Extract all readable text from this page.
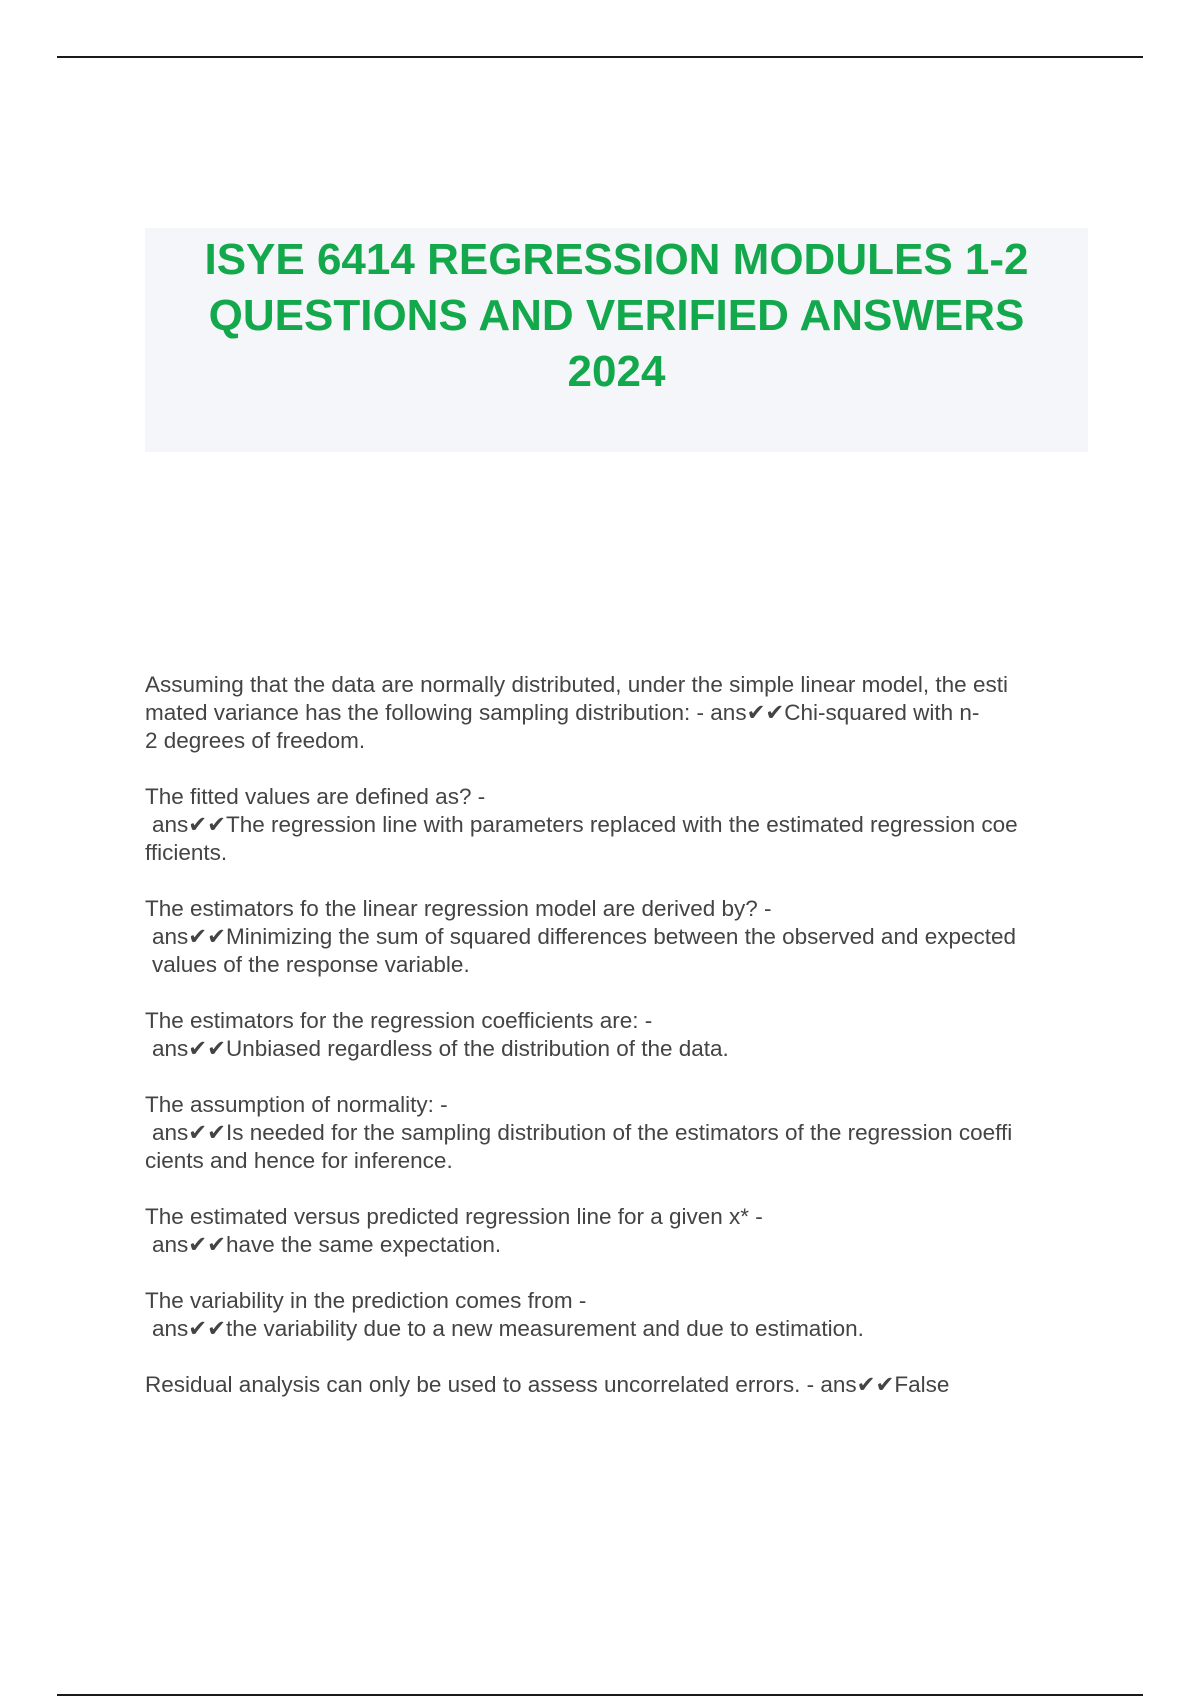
ISYE 6414 REGRESSION MODULES 1-2
QUESTIONS AND VERIFIED ANSWERS
2024
Assuming that the data are normally distributed, under the simple linear model, the esti
mated variance has the following sampling distribution: - ans✔✔Chi-squared with n-
2 degrees of freedom.
The fitted values are defined as? -
ans✔✔The regression line with parameters replaced with the estimated regression coe
fficients.
The estimators fo the linear regression model are derived by? -
ans✔✔Minimizing the sum of squared differences between the observed and expected
values of the response variable.
The estimators for the regression coefficients are: -
ans✔✔Unbiased regardless of the distribution of the data.
The assumption of normality: -
ans✔✔Is needed for the sampling distribution of the estimators of the regression coeffi
cients and hence for inference.
The estimated versus predicted regression line for a given x* -
ans✔✔have the same expectation.
The variability in the prediction comes from -
ans✔✔the variability due to a new measurement and due to estimation.
Residual analysis can only be used to assess uncorrelated errors. - ans✔✔False
